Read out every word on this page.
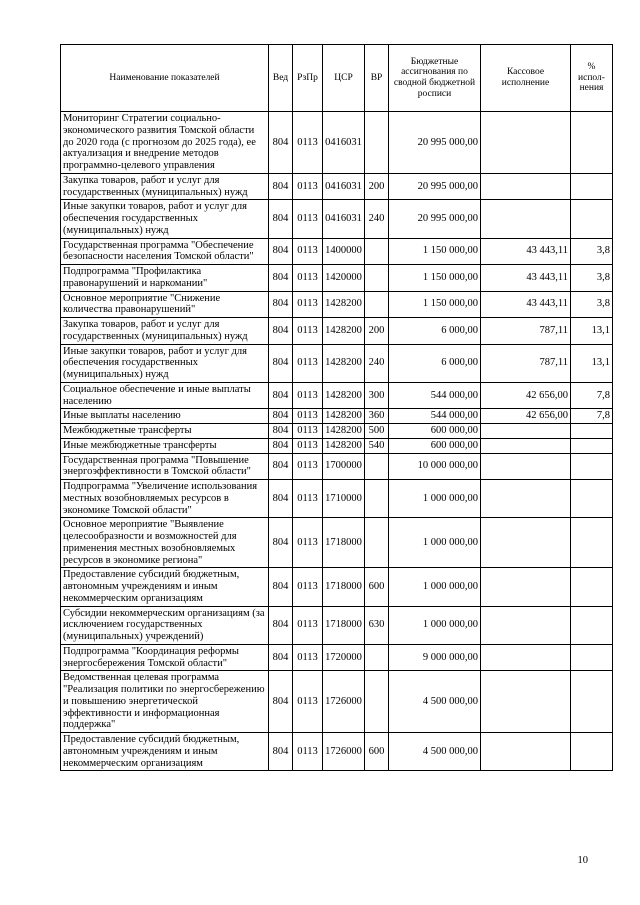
Наименование показателей	Вед	РзПр	ЦСР	ВР	Бюджетные ассигнования по сводной бюджетной росписи	Кассовое исполнение	% испол-нения
Мониторинг Стратегии социально-экономического развития Томской области до 2020 года (с прогнозом до 2025 года), ее актуализация и внедрение методов программно-целевого управления	804	0113	0416031		20 995 000,00		
Закупка товаров, работ и услуг для государственных (муниципальных) нужд	804	0113	0416031	200	20 995 000,00		
Иные закупки товаров, работ и услуг для обеспечения государственных (муниципальных) нужд	804	0113	0416031	240	20 995 000,00		
Государственная программа "Обеспечение безопасности населения Томской области"	804	0113	1400000		1 150 000,00	43 443,11	3,8
Подпрограмма "Профилактика правонарушений и наркомании"	804	0113	1420000		1 150 000,00	43 443,11	3,8
Основное мероприятие "Снижение количества правонарушений"	804	0113	1428200		1 150 000,00	43 443,11	3,8
Закупка товаров, работ и услуг для государственных (муниципальных) нужд	804	0113	1428200	200	6 000,00	787,11	13,1
Иные закупки товаров, работ и услуг для обеспечения государственных (муниципальных) нужд	804	0113	1428200	240	6 000,00	787,11	13,1
Социальное обеспечение и иные выплаты населению	804	0113	1428200	300	544 000,00	42 656,00	7,8
Иные выплаты населению	804	0113	1428200	360	544 000,00	42 656,00	7,8
Межбюджетные трансферты	804	0113	1428200	500	600 000,00		
Иные межбюджетные трансферты	804	0113	1428200	540	600 000,00		
Государственная программа "Повышение энергоэффективности в Томской области"	804	0113	1700000		10 000 000,00		
Подпрограмма "Увеличение использования местных возобновляемых ресурсов в экономике Томской области"	804	0113	1710000		1 000 000,00		
Основное мероприятие "Выявление целесообразности и возможностей для применения местных возобновляемых ресурсов в экономике региона"	804	0113	1718000		1 000 000,00		
Предоставление субсидий бюджетным, автономным учреждениям и иным некоммерческим организациям	804	0113	1718000	600	1 000 000,00		
Субсидии некоммерческим организациям (за исключением государственных (муниципальных) учреждений)	804	0113	1718000	630	1 000 000,00		
Подпрограмма "Координация реформы энергосбережения Томской области"	804	0113	1720000		9 000 000,00		
Ведомственная целевая программа "Реализация политики по энергосбережению и повышению энергетической эффективности и информационная поддержка"	804	0113	1726000		4 500 000,00		
Предоставление субсидий бюджетным, автономным учреждениям и иным некоммерческим организациям	804	0113	1726000	600	4 500 000,00		
10
